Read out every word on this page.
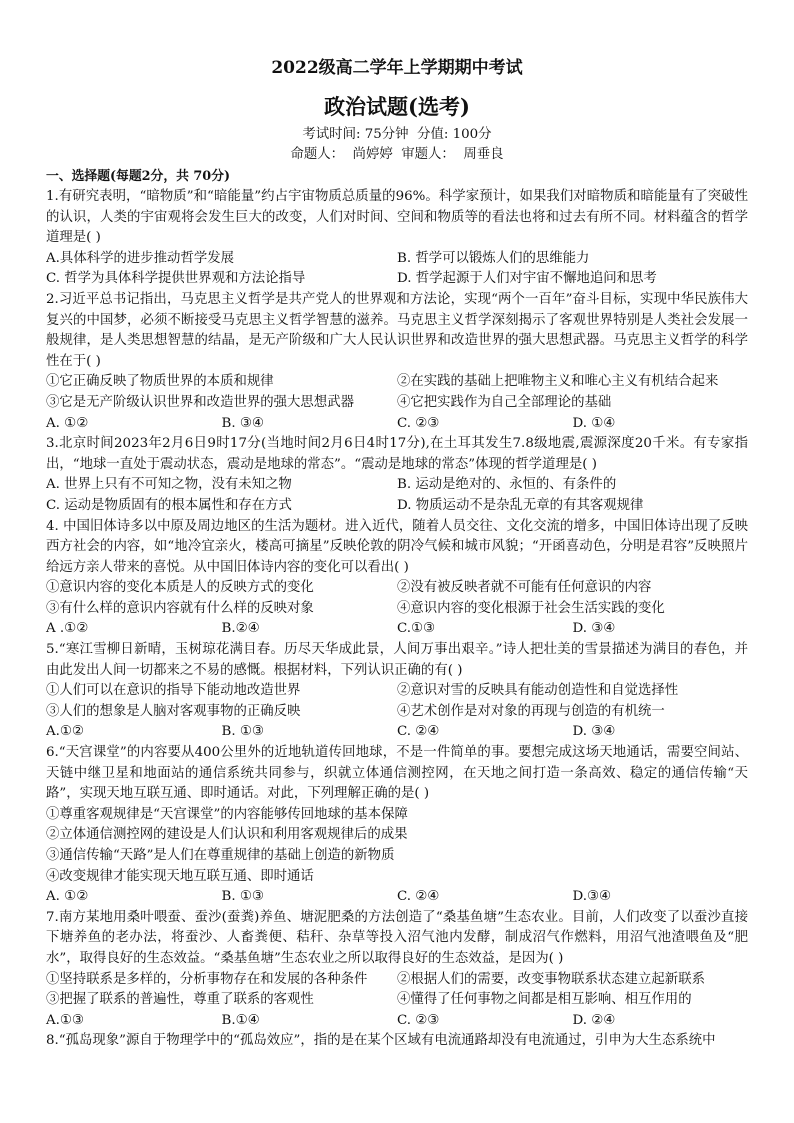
2022级高二学年上学期期中考试
政治试题(选考)
考试时间: 75分钟  分值: 100分
命题人：  尚婷婷  审题人：  周垂良
一、选择题(每题2分，共 70分)

1.有研究表明，“暗物质”和“暗能量”约占宇宙物质总质量的96%。科学家预计，如果我们对暗物质和暗能量有了突破性的认识，人类的宇宙观将会发生巨大的改变，人们对时间、空间和物质等的看法也将和过去有所不同。材料蕴含的哲学道理是( )

A.具体科学的进步推动哲学发展	B. 哲学可以锻炼人们的思维能力
C. 哲学为具体科学提供世界观和方法论指导	D. 哲学起源于人们对宇宙不懈地追问和思考

2.习近平总书记指出，马克思主义哲学是共产党人的世界观和方法论，实现“两个一百年”奋斗目标，实现中华民族伟大复兴的中国梦，必须不断接受马克思主义哲学智慧的滋养。马克思主义哲学深刻揭示了客观世界特别是人类社会发展一般规律，是人类思想智慧的结晶，是无产阶级和广大人民认识世界和改造世界的强大思想武器。马克思主义哲学的科学性在于( )

①它正确反映了物质世界的本质和规律	②在实践的基础上把唯物主义和唯心主义有机结合起来
③它是无产阶级认识世界和改造世界的强大思想武器	④它把实践作为自己全部理论的基础
A. ①②	B. ③④	C. ②③	D. ①④

3.北京时间2023年2月6日9时17分(当地时间2月6日4时17分),在土耳其发生7.8级地震,震源深度20千米。有专家指出，“地球一直处于震动状态，震动是地球的常态”。“震动是地球的常态”体现的哲学道理是( )

A. 世界上只有不可知之物，没有未知之物	B. 运动是绝对的、永恒的、有条件的
C. 运动是物质固有的根本属性和存在方式	D. 物质运动不是杂乱无章的有其客观规律

4. 中国旧体诗多以中原及周边地区的生活为题材。进入近代，随着人员交往、文化交流的增多，中国旧体诗出现了反映西方社会的内容，如“地冷宜亲火，楼高可摘星”反映伦敦的阴冷气候和城市风貌；“开函喜动色，分明是君容”反映照片给远方亲人带来的喜悦。从中国旧体诗内容的变化可以看出( )

①意识内容的变化本质是人的反映方式的变化	②没有被反映者就不可能有任何意识的内容
③有什么样的意识内容就有什么样的反映对象	④意识内容的变化根源于社会生活实践的变化
A .①②	B.②④	C.①③	D. ③④

5.“寒江雪柳日新晴，玉树琼花满目春。历尽天华成此景，人间万事出艰辛。”诗人把壮美的雪景描述为满目的春色，并由此发出人间一切都来之不易的感慨。根据材料，下列认识正确的有( )

①人们可以在意识的指导下能动地改造世界	②意识对雪的反映具有能动创造性和自觉选择性
③人们的想象是人脑对客观事物的正确反映	④艺术创作是对对象的再现与创造的有机统一
A.①②	B. ①③	C. ②④	D. ③④

6.“天宫课堂”的内容要从400公里外的近地轨道传回地球，不是一件简单的事。要想完成这场天地通话，需要空间站、天链中继卫星和地面站的通信系统共同参与，织就立体通信测控网，在天地之间打造一条高效、稳定的通信传输“天路”，实现天地互联互通、即时通话。对此，下列理解正确的是( )

①尊重客观规律是“天宫课堂”的内容能够传回地球的基本保障
②立体通信测控网的建设是人们认识和利用客观规律后的成果
③通信传输“天路”是人们在尊重规律的基础上创造的新物质
④改变规律才能实现天地互联互通、即时通话
A. ①②	B. ①③	C. ②④	D.③④

7.南方某地用桑叶喂蚕、蚕沙(蚕粪)养鱼、塘泥肥桑的方法创造了“桑基鱼塘”生态农业。目前，人们改变了以蚕沙直接下塘养鱼的老办法，将蚕沙、人畜粪便、秸秆、杂草等投入沼气池内发酵，制成沼气作燃料，用沼气池渣喂鱼及“肥水”，取得良好的生态效益。“桑基鱼塘”生态农业之所以取得良好的生态效益，是因为( )

①坚持联系是多样的，分析事物存在和发展的各种条件	②根据人们的需要，改变事物联系状态建立起新联系
③把握了联系的普遍性，尊重了联系的客观性	④懂得了任何事物之间都是相互影响、相互作用的
A.①③	B.①④	C. ②③	D. ②④

8.“孤岛现象”源自于物理学中的“孤岛效应”，指的是在某个区域有电流通路却没有电流通过，引申为大生态系统中
